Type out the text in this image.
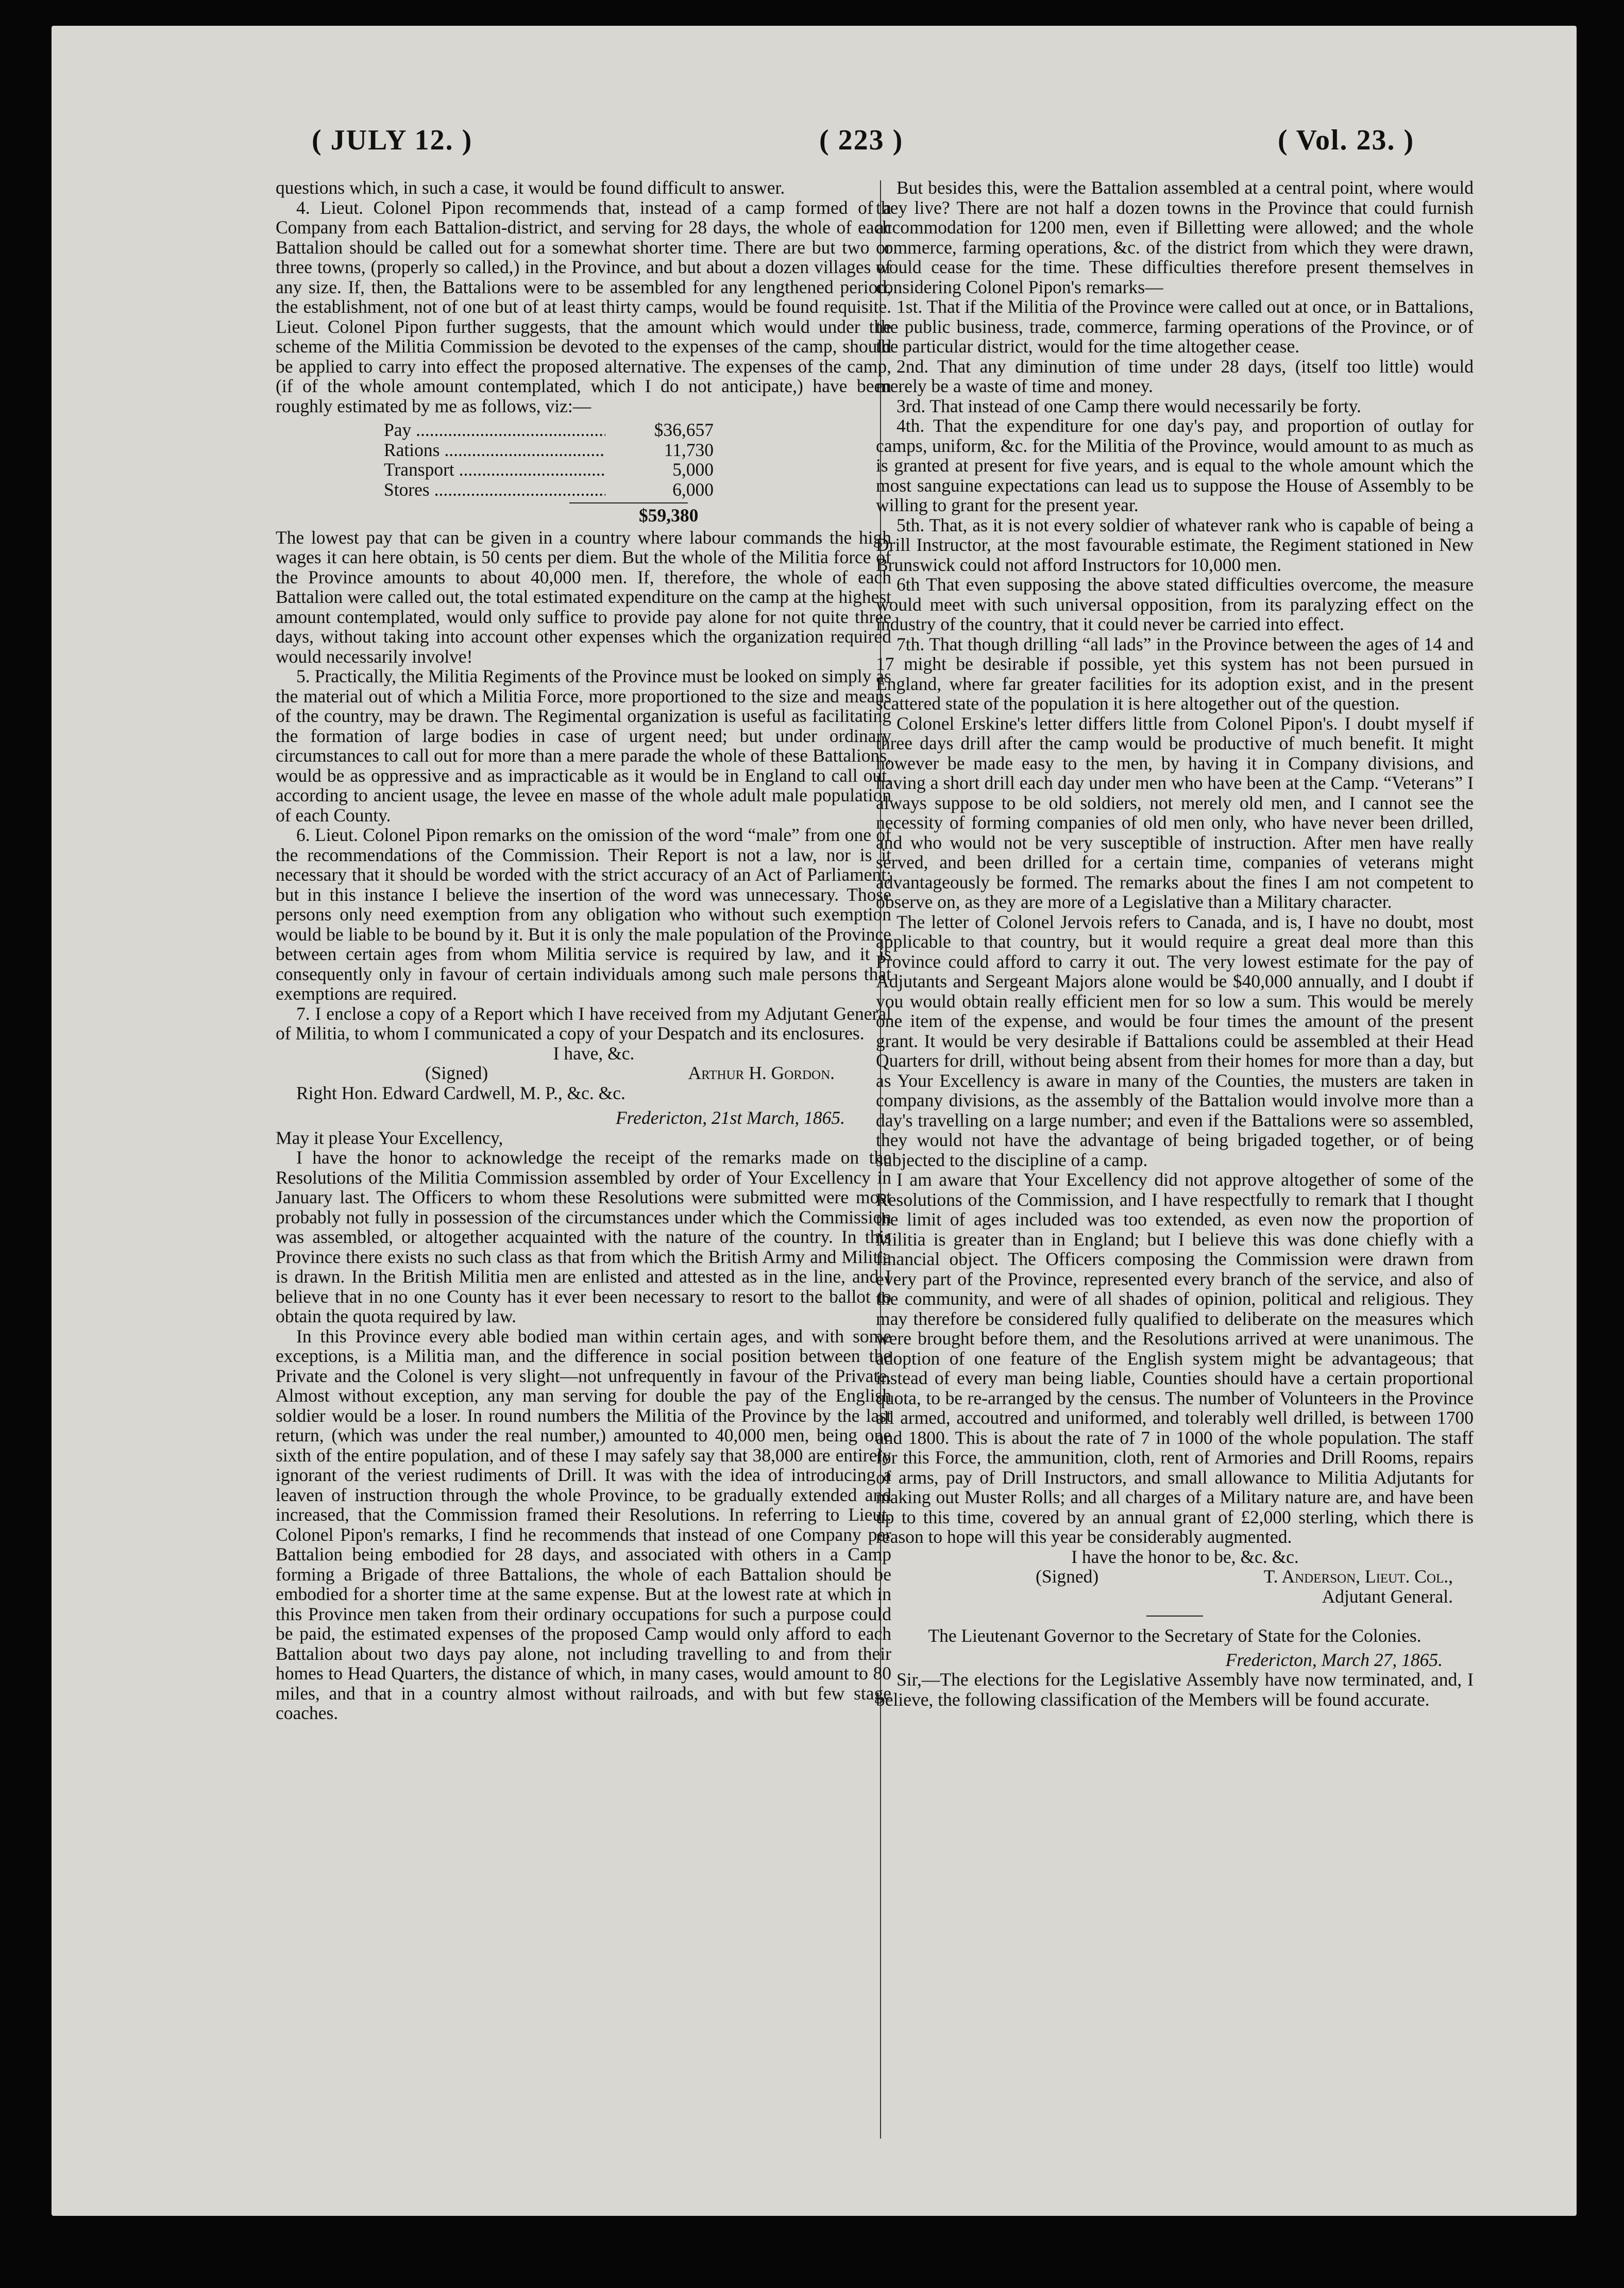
( JULY 12. )	( 223 )	( Vol. 23. )

questions which, in such a case, it would be found difficult to answer.

4. Lieut. Colonel Pipon recommends that, instead of a camp formed of a Company from each Battalion-district, and serving for 28 days, the whole of each Battalion should be called out for a somewhat shorter time. There are but two or three towns, (properly so called,) in the Province, and but about a dozen villages of any size. If, then, the Battalions were to be assembled for any lengthened period, the establishment, not of one but of at least thirty camps, would be found requisite. Lieut. Colonel Pipon further suggests, that the amount which would under the scheme of the Militia Commission be devoted to the expenses of the camp, should be applied to carry into effect the proposed alternative. The expenses of the camp, (if of the whole amount contemplated, which I do not anticipate,) have been roughly estimated by me as follows, viz:—

Pay .....	$36,657
Rations .....	11,730
Transport .....	5,000
Stores .....	6,000
$59,380

The lowest pay that can be given in a country where labour commands the high wages it can here obtain, is 50 cents per diem. But the whole of the Militia force of the Province amounts to about 40,000 men. If, therefore, the whole of each Battalion were called out, the total estimated expenditure on the camp at the highest amount contemplated, would only suffice to provide pay alone for not quite three days, without taking into account other expenses which the organization required would necessarily involve!

5. Practically, the Militia Regiments of the Province must be looked on simply as the material out of which a Militia Force, more proportioned to the size and means of the country, may be drawn. The Regimental organization is useful as facilitating the formation of large bodies in case of urgent need; but under ordinary circumstances to call out for more than a mere parade the whole of these Battalions, would be as oppressive and as impracticable as it would be in England to call out, according to ancient usage, the levee en masse of the whole adult male population of each County.

6. Lieut. Colonel Pipon remarks on the omission of the word “male” from one of the recommendations of the Commission. Their Report is not a law, nor is it necessary that it should be worded with the strict accuracy of an Act of Parliament; but in this instance I believe the insertion of the word was unnecessary. Those persons only need exemption from any obligation who without such exemption would be liable to be bound by it. But it is only the male population of the Province between certain ages from whom Militia service is required by law, and it is consequently only in favour of certain individuals among such male persons that exemptions are required.

7. I enclose a copy of a Report which I have received from my Adjutant General of Militia, to whom I communicated a copy of your Despatch and its enclosures.

I have, &c.

(Signed)	Arthur H. Gordon.

Right Hon. Edward Cardwell, M. P., &c. &c.

Fredericton, 21st March, 1865.

May it please Your Excellency,

I have the honor to acknowledge the receipt of the remarks made on the Resolutions of the Militia Commission assembled by order of Your Excellency in January last. The Officers to whom these Resolutions were submitted were most probably not fully in possession of the circumstances under which the Commission was assembled, or altogether acquainted with the nature of the country. In this Province there exists no such class as that from which the British Army and Militia is drawn. In the British Militia men are enlisted and attested as in the line, and I believe that in no one County has it ever been necessary to resort to the ballot to obtain the quota required by law.

In this Province every able bodied man within certain ages, and with some exceptions, is a Militia man, and the difference in social position between the Private and the Colonel is very slight—not unfrequently in favour of the Private. Almost without exception, any man serving for double the pay of the English soldier would be a loser. In round numbers the Militia of the Province by the last return, (which was under the real number,) amounted to 40,000 men, being one sixth of the entire population, and of these I may safely say that 38,000 are entirely ignorant of the veriest rudiments of Drill. It was with the idea of introducing a leaven of instruction through the whole Province, to be gradually extended and increased, that the Commission framed their Resolutions. In referring to Lieut. Colonel Pipon's remarks, I find he recommends that instead of one Company per Battalion being embodied for 28 days, and associated with others in a Camp forming a Brigade of three Battalions, the whole of each Battalion should be embodied for a shorter time at the same expense. But at the lowest rate at which in this Province men taken from their ordinary occupations for such a purpose could be paid, the estimated expenses of the proposed Camp would only afford to each Battalion about two days pay alone, not including travelling to and from their homes to Head Quarters, the distance of which, in many cases, would amount to 80 miles, and that in a country almost without railroads, and with but few stage coaches.

But besides this, were the Battalion assembled at a central point, where would they live? There are not half a dozen towns in the Province that could furnish accommodation for 1200 men, even if Billetting were allowed; and the whole commerce, farming operations, &c. of the district from which they were drawn, would cease for the time. These difficulties therefore present themselves in considering Colonel Pipon's remarks—

1st. That if the Militia of the Province were called out at once, or in Battalions, the public business, trade, commerce, farming operations of the Province, or of the particular district, would for the time altogether cease.

2nd. That any diminution of time under 28 days, (itself too little) would merely be a waste of time and money.

3rd. That instead of one Camp there would necessarily be forty.

4th. That the expenditure for one day's pay, and proportion of outlay for camps, uniform, &c. for the Militia of the Province, would amount to as much as is granted at present for five years, and is equal to the whole amount which the most sanguine expectations can lead us to suppose the House of Assembly to be willing to grant for the present year.

5th. That, as it is not every soldier of whatever rank who is capable of being a Drill Instructor, at the most favourable estimate, the Regiment stationed in New Brunswick could not afford Instructors for 10,000 men.

6th That even supposing the above stated difficulties overcome, the measure would meet with such universal opposition, from its paralyzing effect on the industry of the country, that it could never be carried into effect.

7th. That though drilling “all lads” in the Province between the ages of 14 and 17 might be desirable if possible, yet this system has not been pursued in England, where far greater facilities for its adoption exist, and in the present scattered state of the population it is here altogether out of the question.

Colonel Erskine's letter differs little from Colonel Pipon's. I doubt myself if three days drill after the camp would be productive of much benefit. It might however be made easy to the men, by having it in Company divisions, and having a short drill each day under men who have been at the Camp. “Veterans” I always suppose to be old soldiers, not merely old men, and I cannot see the necessity of forming companies of old men only, who have never been drilled, and who would not be very susceptible of instruction. After men have really served, and been drilled for a certain time, companies of veterans might advantageously be formed. The remarks about the fines I am not competent to observe on, as they are more of a Legislative than a Military character.

The letter of Colonel Jervois refers to Canada, and is, I have no doubt, most applicable to that country, but it would require a great deal more than this Province could afford to carry it out. The very lowest estimate for the pay of Adjutants and Sergeant Majors alone would be $40,000 annually, and I doubt if you would obtain really efficient men for so low a sum. This would be merely one item of the expense, and would be four times the amount of the present grant. It would be very desirable if Battalions could be assembled at their Head Quarters for drill, without being absent from their homes for more than a day, but as Your Excellency is aware in many of the Counties, the musters are taken in company divisions, as the assembly of the Battalion would involve more than a day's travelling on a large number; and even if the Battalions were so assembled, they would not have the advantage of being brigaded together, or of being subjected to the discipline of a camp.

I am aware that Your Excellency did not approve altogether of some of the Resolutions of the Commission, and I have respectfully to remark that I thought the limit of ages included was too extended, as even now the proportion of Militia is greater than in England; but I believe this was done chiefly with a financial object. The Officers composing the Commission were drawn from every part of the Province, represented every branch of the service, and also of the community, and were of all shades of opinion, political and religious. They may therefore be considered fully qualified to deliberate on the measures which were brought before them, and the Resolutions arrived at were unanimous. The adoption of one feature of the English system might be advantageous; that instead of every man being liable, Counties should have a certain proportional quota, to be re-arranged by the census. The number of Volunteers in the Province all armed, accoutred and uniformed, and tolerably well drilled, is between 1700 and 1800. This is about the rate of 7 in 1000 of the whole population. The staff for this Force, the ammunition, cloth, rent of Armories and Drill Rooms, repairs of arms, pay of Drill Instructors, and small allowance to Militia Adjutants for making out Muster Rolls; and all charges of a Military nature are, and have been up to this time, covered by an annual grant of £2,000 sterling, which there is reason to hope will this year be considerably augmented.

I have the honor to be, &c. &c.

(Signed)	T. Anderson, Lieut. Col.,

Adjutant General.

The Lieutenant Governor to the Secretary of State for the Colonies.

Fredericton, March 27, 1865.

Sir,—The elections for the Legislative Assembly have now terminated, and, I believe, the following classification of the Members will be found accurate.
